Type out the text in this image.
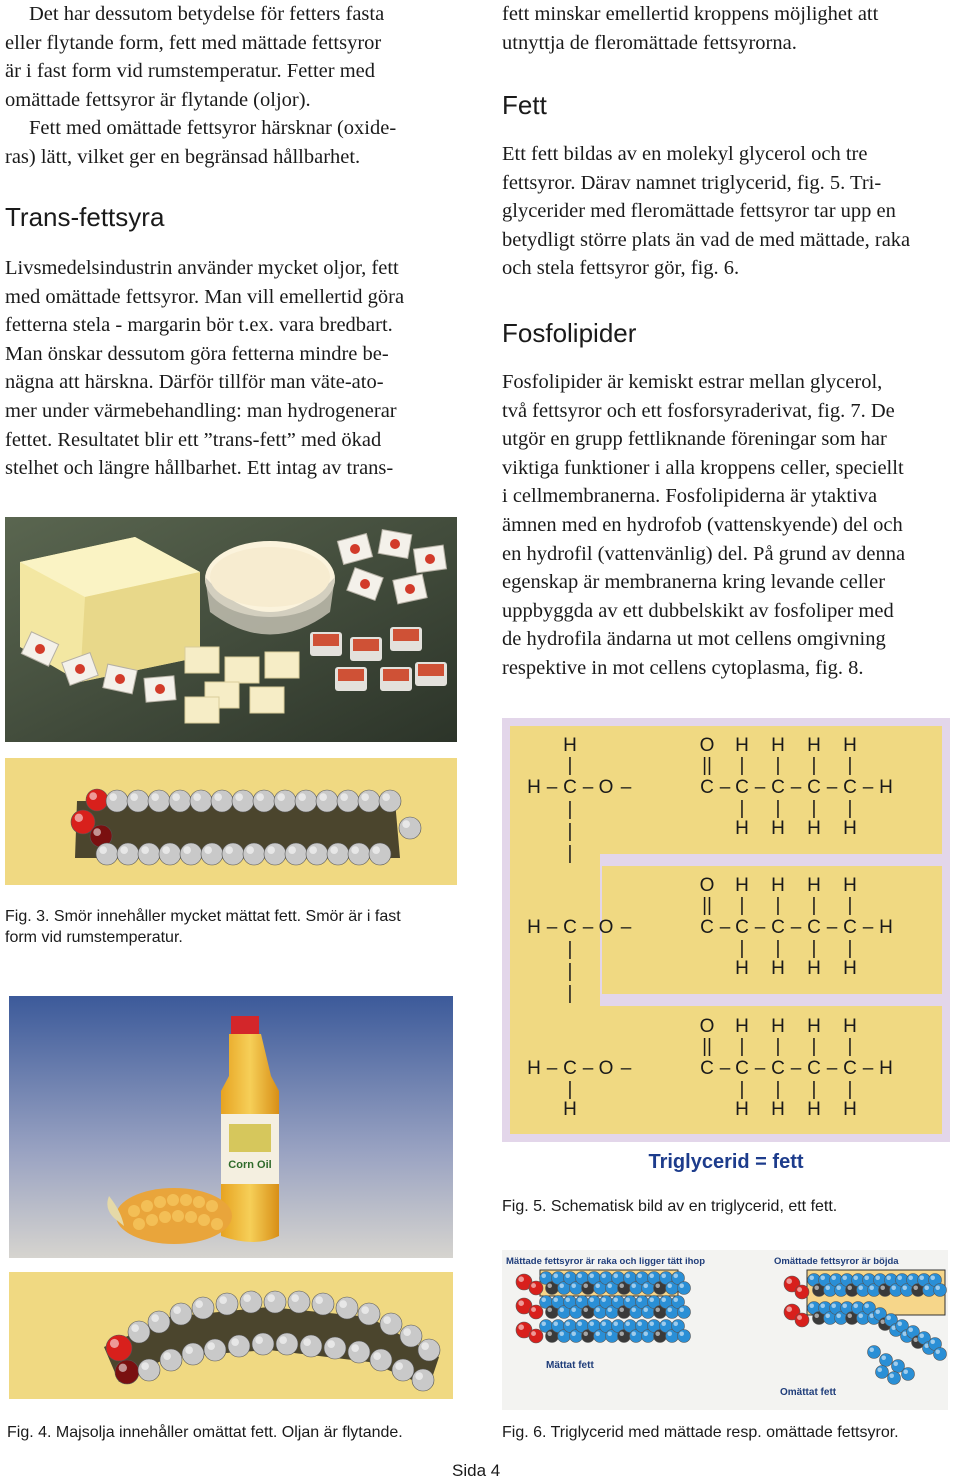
Det har dessutom betydelse för fetters fasta
eller flytande form, fett med mättade fettsyror
är i fast form vid rumstemperatur. Fetter med
omättade fettsyror är flytande (oljor).

Fett med omättade fettsyror härsknar (oxide-
ras) lätt, vilket ger en begränsad hållbarhet.

Trans-fettsyra
Livsmedelsindustrin använder mycket oljor, fett
med omättade fettsyror. Man vill emellertid göra
fetterna stela - margarin bör t.ex. vara bredbart.
Man önskar dessutom göra fetterna mindre be-
nägna att härskna. Därför tillför man väte-ato-
mer under värmebehandling: man hydrogenerar
fettet. Resultatet blir ett ”trans-fett” med ökad
stelhet och längre hållbarhet. Ett intag av trans-
Fig. 3. Smör innehåller mycket mättat fett. Smör är i fast
form vid rumstemperatur.
Corn Oil
Fig. 4. Majsolja innehåller omättat fett. Oljan är flytande.
fett minskar emellertid kroppens möjlighet att
utnyttja de fleromättade fettsyrorna.
Fett
Ett fett bildas av en molekyl glycerol och tre
fettsyror. Därav namnet triglycerid, fig. 5. Tri-
glycerider med fleromättade fettsyror tar upp en
betydligt större plats än vad de med mättade, raka
och stela fettsyror gör, fig. 6.
Fosfolipider
Fosfolipider är kemiskt estrar mellan glycerol,
två fettsyror och ett fosforsyraderivat, fig. 7. De
utgör en grupp fettliknande föreningar som har
viktiga funktioner i alla kroppens celler, speciellt
i cellmembranerna. Fosfolipiderna är ytaktiva
ämnen med en hydrofob (vattenskyende) del och
en hydrofil (vattenvänlig) del. På grund av denna
egenskap är membranerna kring levande celler
uppbyggda av ett dubbelskikt av fosfoliper med
de hydrofila ändarna ut mot cellens omgivning
respektive in mot cellens cytoplasma, fig. 8.
H
|
H – C – O –
O
||
C – C – C – C – C –
H
|
|
H
H
|
|
H
H
|
|
H
H
|
|
H
H
|
|
|
H – C – O –
O
||
C – C – C – C – C –
H
|
|
H
H
|
|
H
H
|
|
H
H
|
|
H
H
|
|
|
H – C – O –
|
H
O
||
C – C – C – C – C –
H
|
|
H
H
|
|
H
H
|
|
H
H
|
|
H
H
Triglycerid = fett
Fig. 5. Schematisk bild av en triglycerid, ett fett.
Mättade fettsyror är raka och ligger tätt ihop	Omättade fettsyror är böjda
Mättat fett
Omättat fett
Fig. 6. Triglycerid med mättade resp. omättade fettsyror.
Sida 4
